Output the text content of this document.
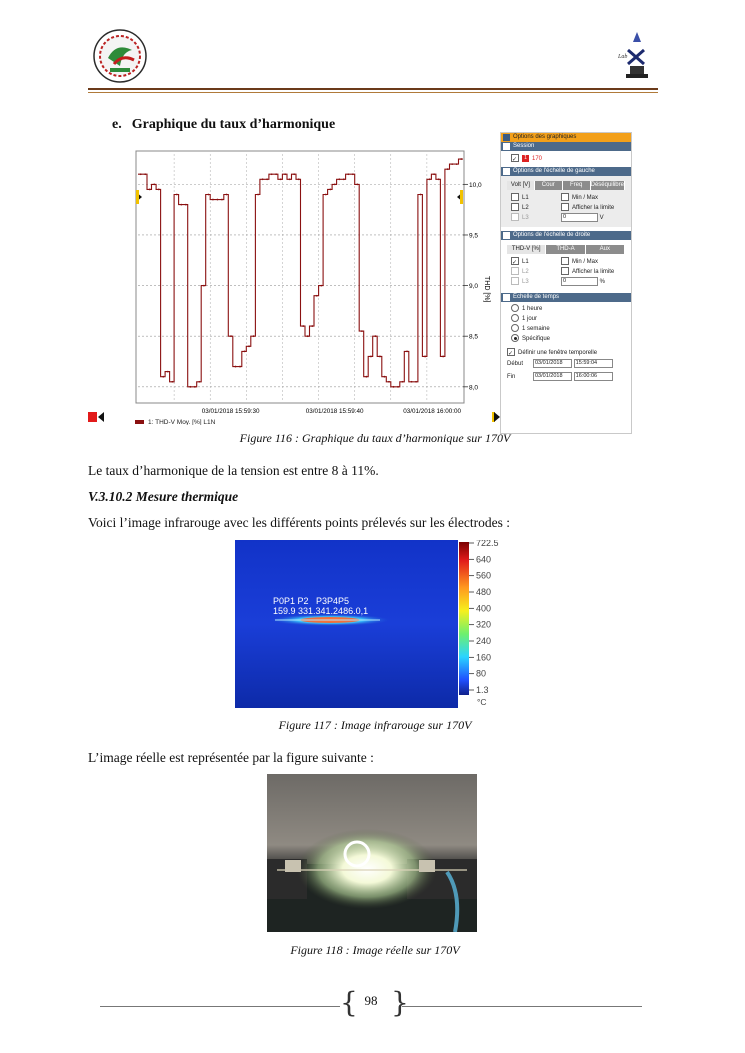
Lab
e. Graphique du taux d’harmonique
8,0
8,5
9,0
9,5
10,0
03/01/2018 15:59:30	03/01/2018 15:59:40	03/01/2018 16:00:00
THD [%]
1: THD-V Moy. [%] L1N
Options des graphiques
Session
✓ 1 170
Options de l'échelle de gauche
Volt [V]	Cour	Freq	Déséquilibre
L1	Min / Max
L2	Afficher la limite
L3	0	V
Options de l'échelle de droite
THD-V [%]	THD-A	Aux
✓ L1	Min / Max
L2	Afficher la limite
L3	0	%
Échelle de temps
1 heure
1 jour
1 semaine
Spécifique
✓ Définir une fenêtre temporelle
Début 03/01/2018 15:59:04
Fin	03/01/2018 16:00:06
Figure 116 : Graphique du taux d’harmonique sur 170V
Le taux d’harmonique de la tension est entre 8 à 11%.
V.3.10.2 Mesure thermique
Voici l’image infrarouge avec les différents points prélevés sur les électrodes :
P0P1 P2   P3P4P5
159.9 331.341.2486.0,1
722.5
640
560
480
400
320
240
160
80
1.3
°C
Figure 117 : Image infrarouge sur 170V
L’image réelle est représentée par la figure suivante :
Figure 118 : Image réelle sur 170V
{ }
98
